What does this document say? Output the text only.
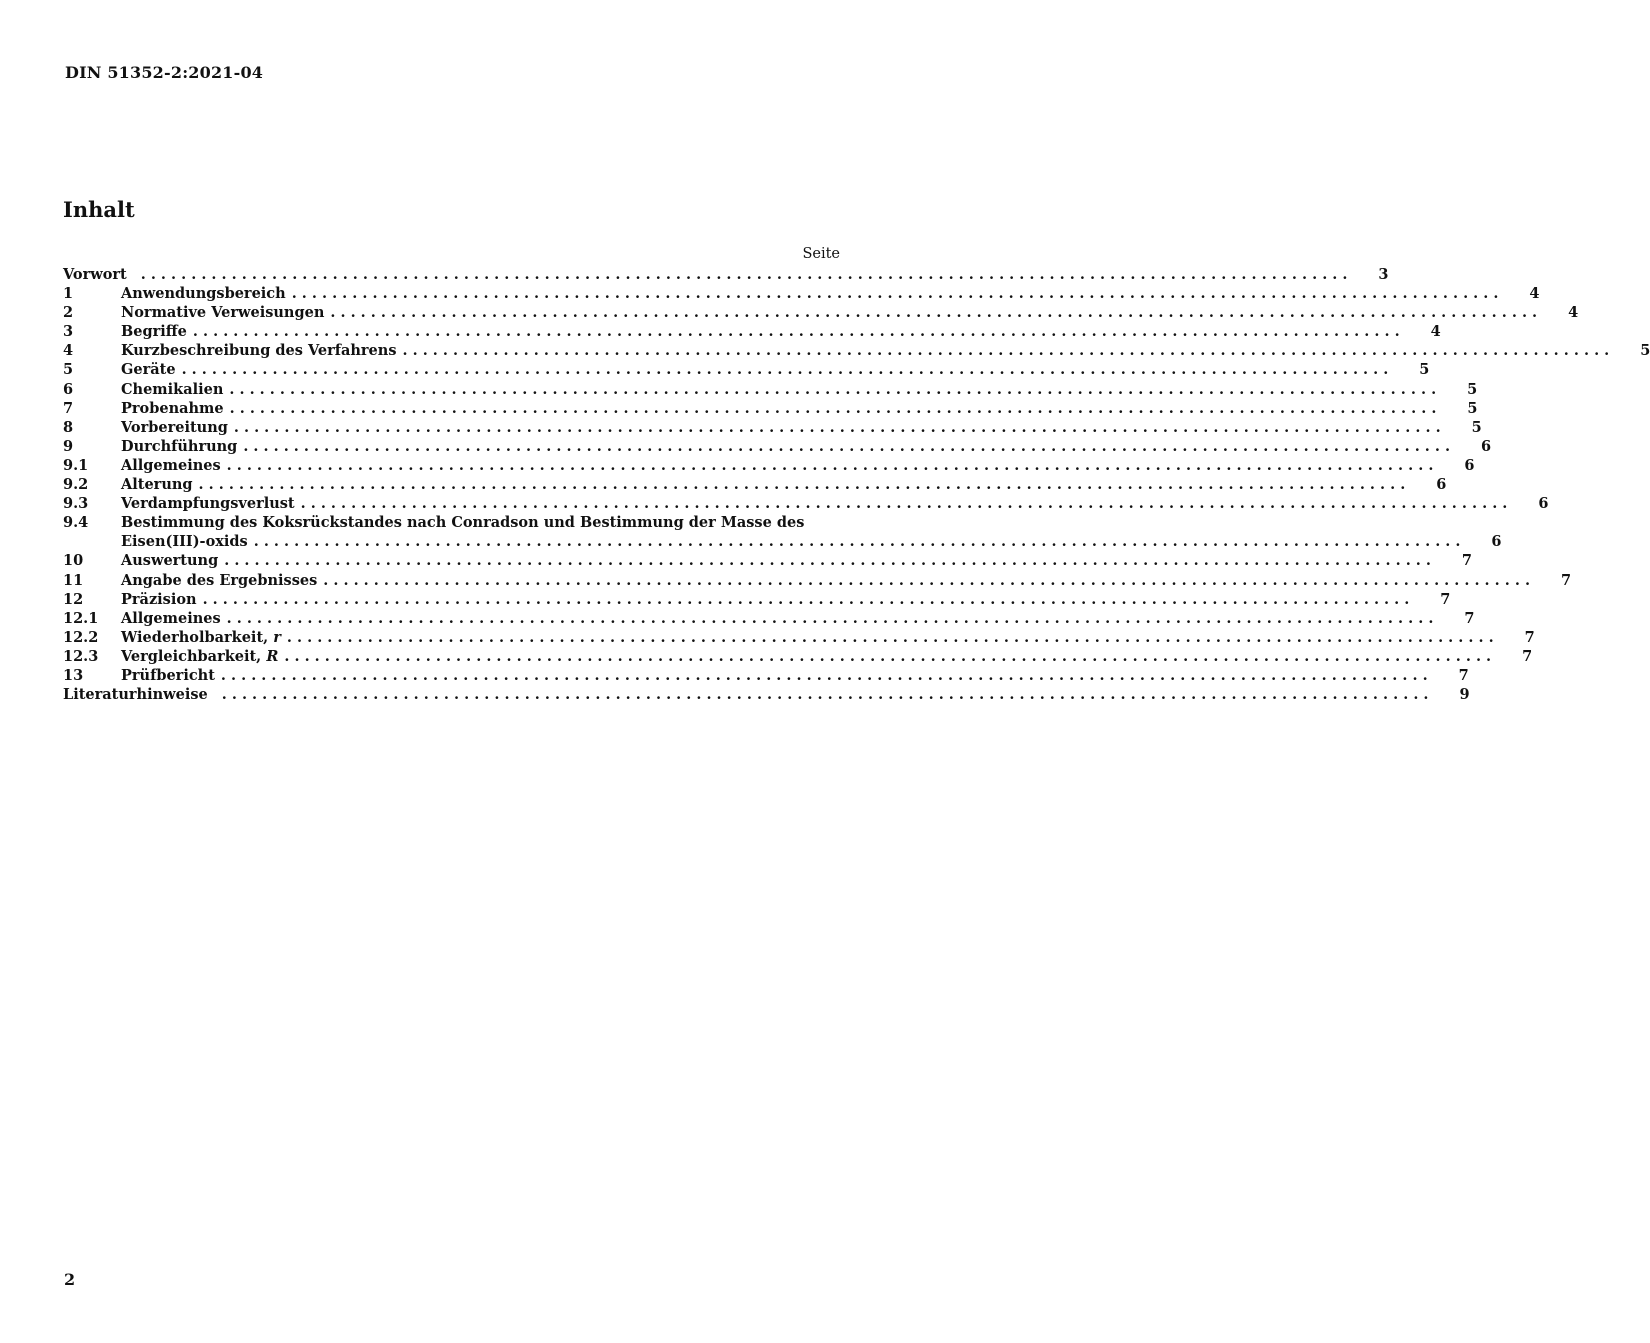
DIN 51352-2:2021-04
Inhalt
Seite
Vorwort ........................................................................................................................	3
1	Anwendungsbereich ........................................................................................................................	4
2	Normative Verweisungen ........................................................................................................................	4
3	Begriffe ........................................................................................................................	4
4	Kurzbeschreibung des Verfahrens ........................................................................................................................	5
5	Geräte ........................................................................................................................	5
6	Chemikalien ........................................................................................................................	5
7	Probenahme ........................................................................................................................	5
8	Vorbereitung ........................................................................................................................	5
9	Durchführung ........................................................................................................................	6
9.1	Allgemeines ........................................................................................................................	6
9.2	Alterung ........................................................................................................................	6
9.3	Verdampfungsverlust ........................................................................................................................	6
9.4	Bestimmung des Koksrückstandes nach Conradson und Bestimmung der Masse des
Eisen(III)-oxids ........................................................................................................................	6
10	Auswertung ........................................................................................................................	7
11	Angabe des Ergebnisses ........................................................................................................................	7
12	Präzision ........................................................................................................................	7
12.1	Allgemeines ........................................................................................................................	7
12.2	Wiederholbarkeit, r ........................................................................................................................	7
12.3	Vergleichbarkeit, R ........................................................................................................................	7
13	Prüfbericht ........................................................................................................................	7
Literaturhinweise ........................................................................................................................	9
2
